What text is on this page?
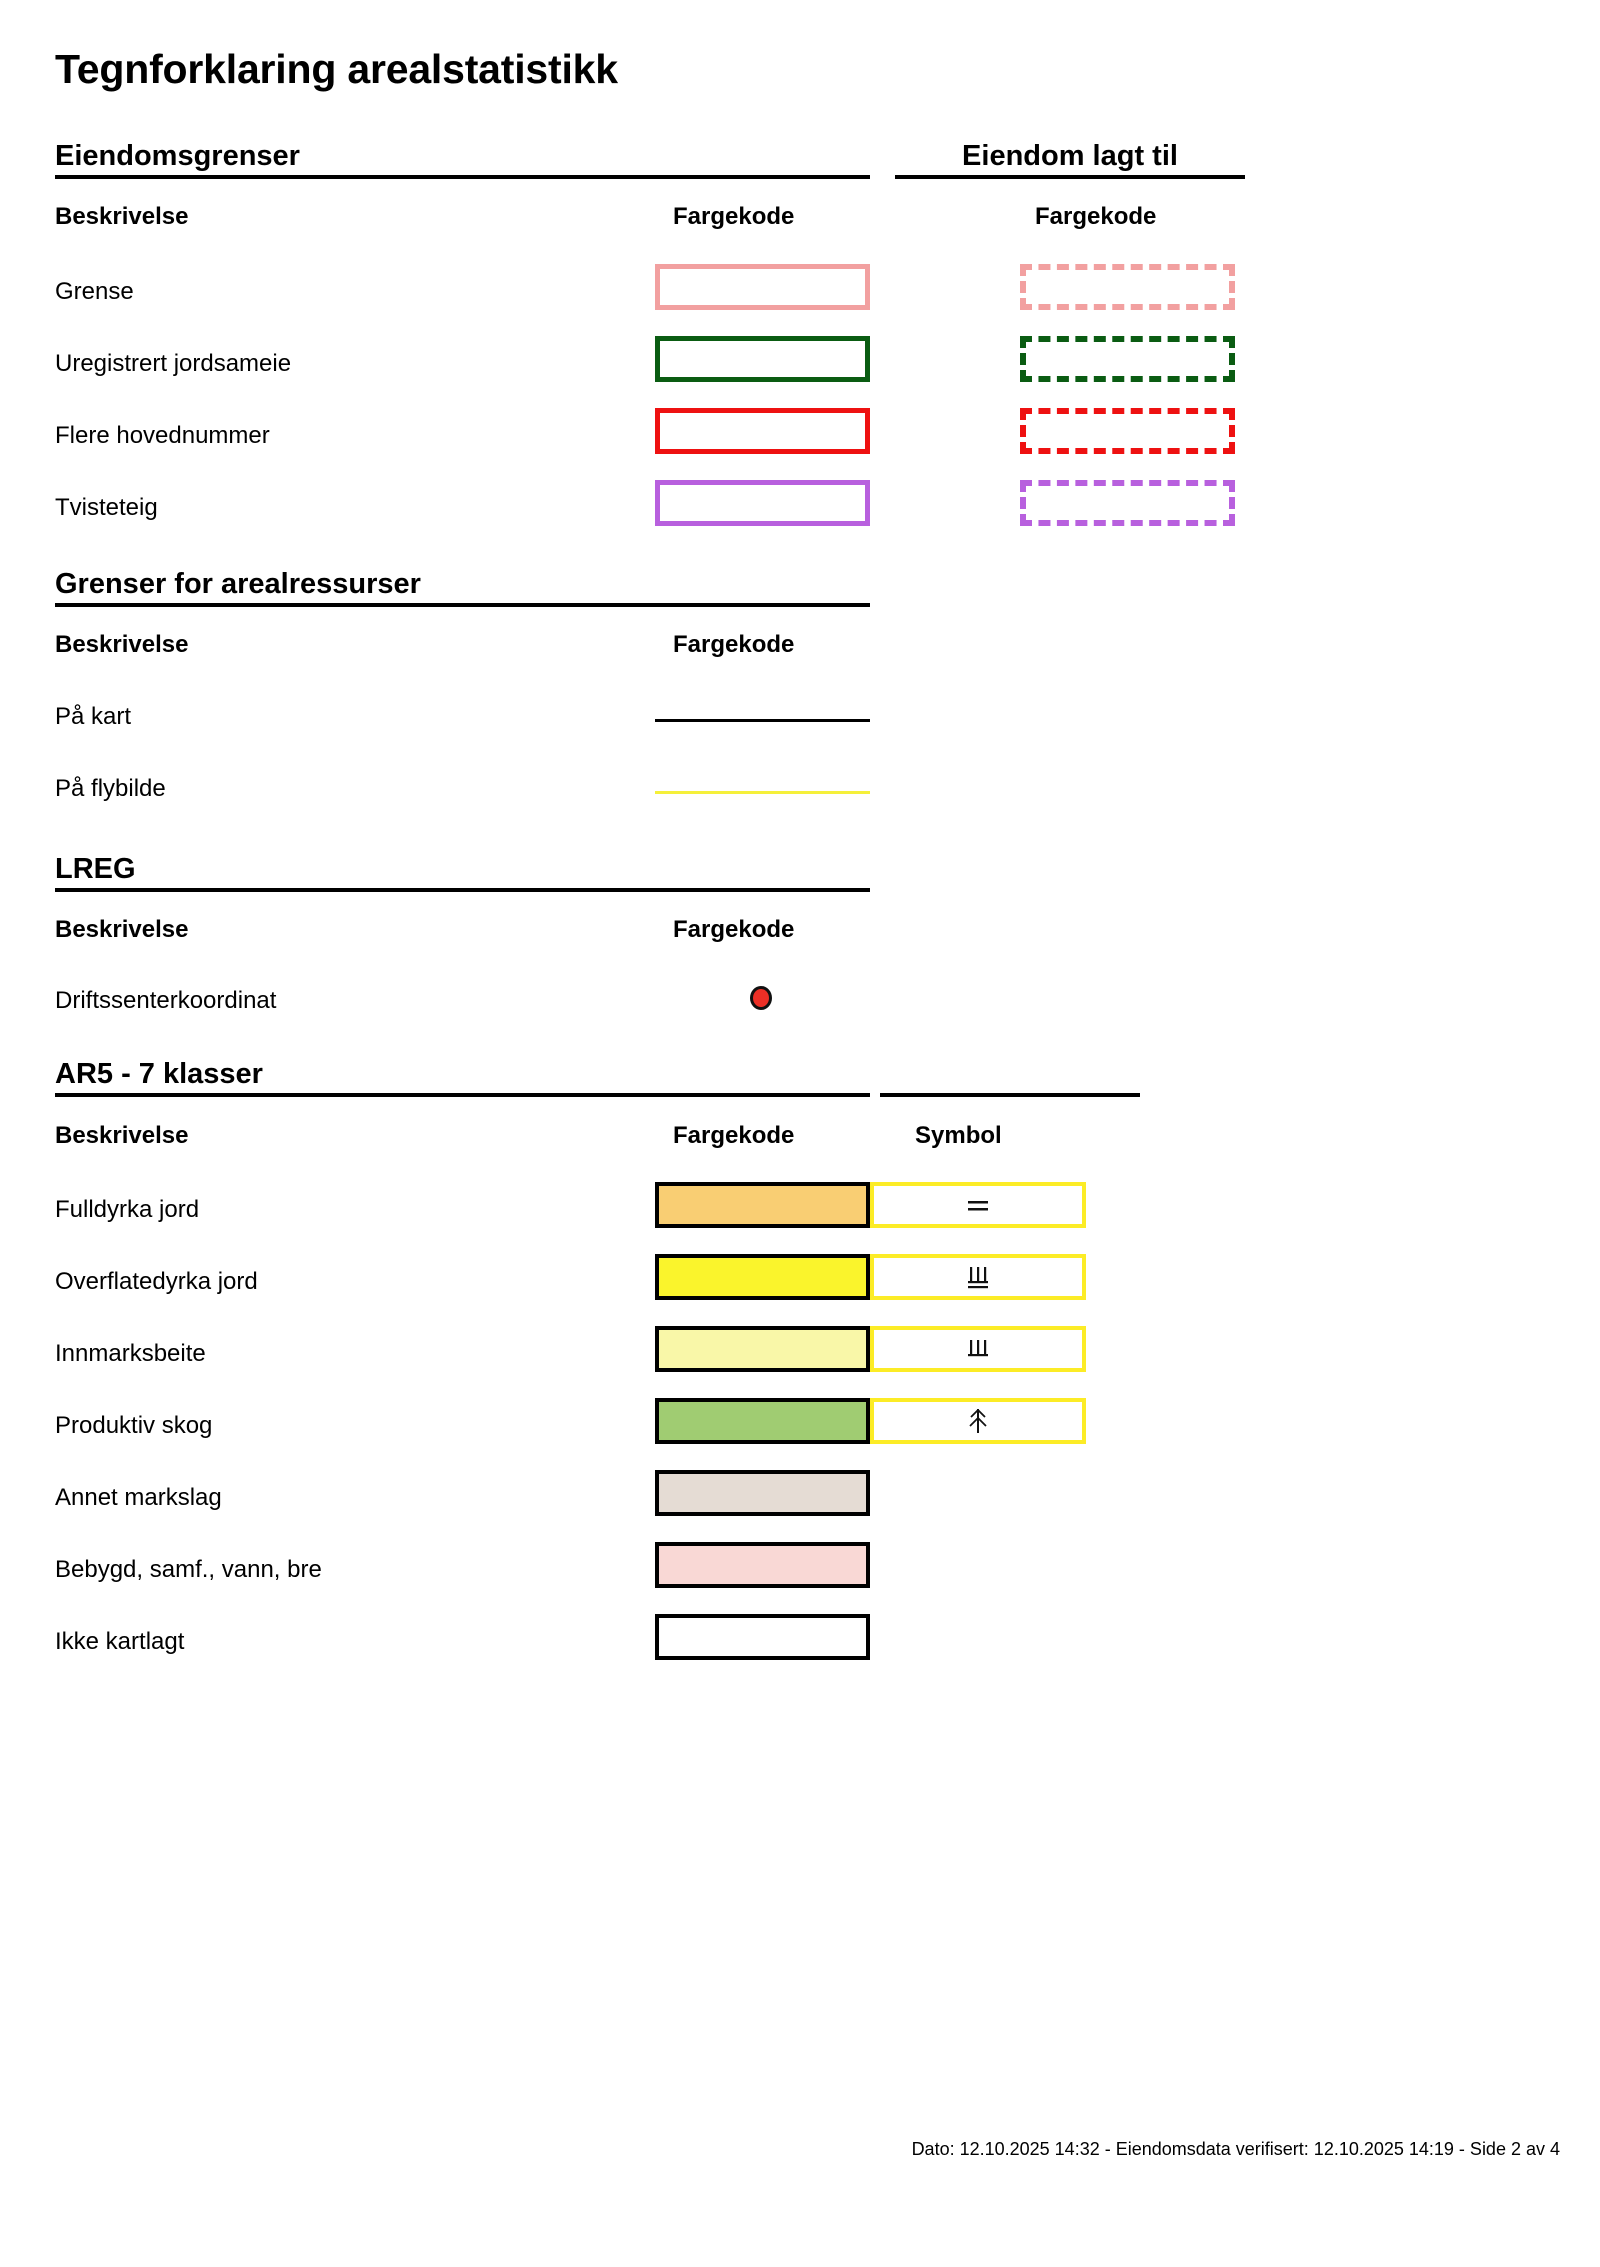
Tegnforklaring arealstatistikk
Eiendomsgrenser	Eiendom lagt til
Beskrivelse	Fargekode	Fargekode
Grense
Uregistrert jordsameie
Flere hovednummer
Tvisteteig
Grenser for arealressurser
Beskrivelse	Fargekode
På kart
På flybilde
LREG
Beskrivelse	Fargekode
Driftssenterkoordinat
AR5 - 7 klasser
Beskrivelse	Fargekode	Symbol
Fulldyrka jord
Overflatedyrka jord
Innmarksbeite
Produktiv skog
Annet markslag
Bebygd, samf., vann, bre
Ikke kartlagt
Dato: 12.10.2025 14:32 - Eiendomsdata verifisert: 12.10.2025 14:19 - Side 2 av 4
